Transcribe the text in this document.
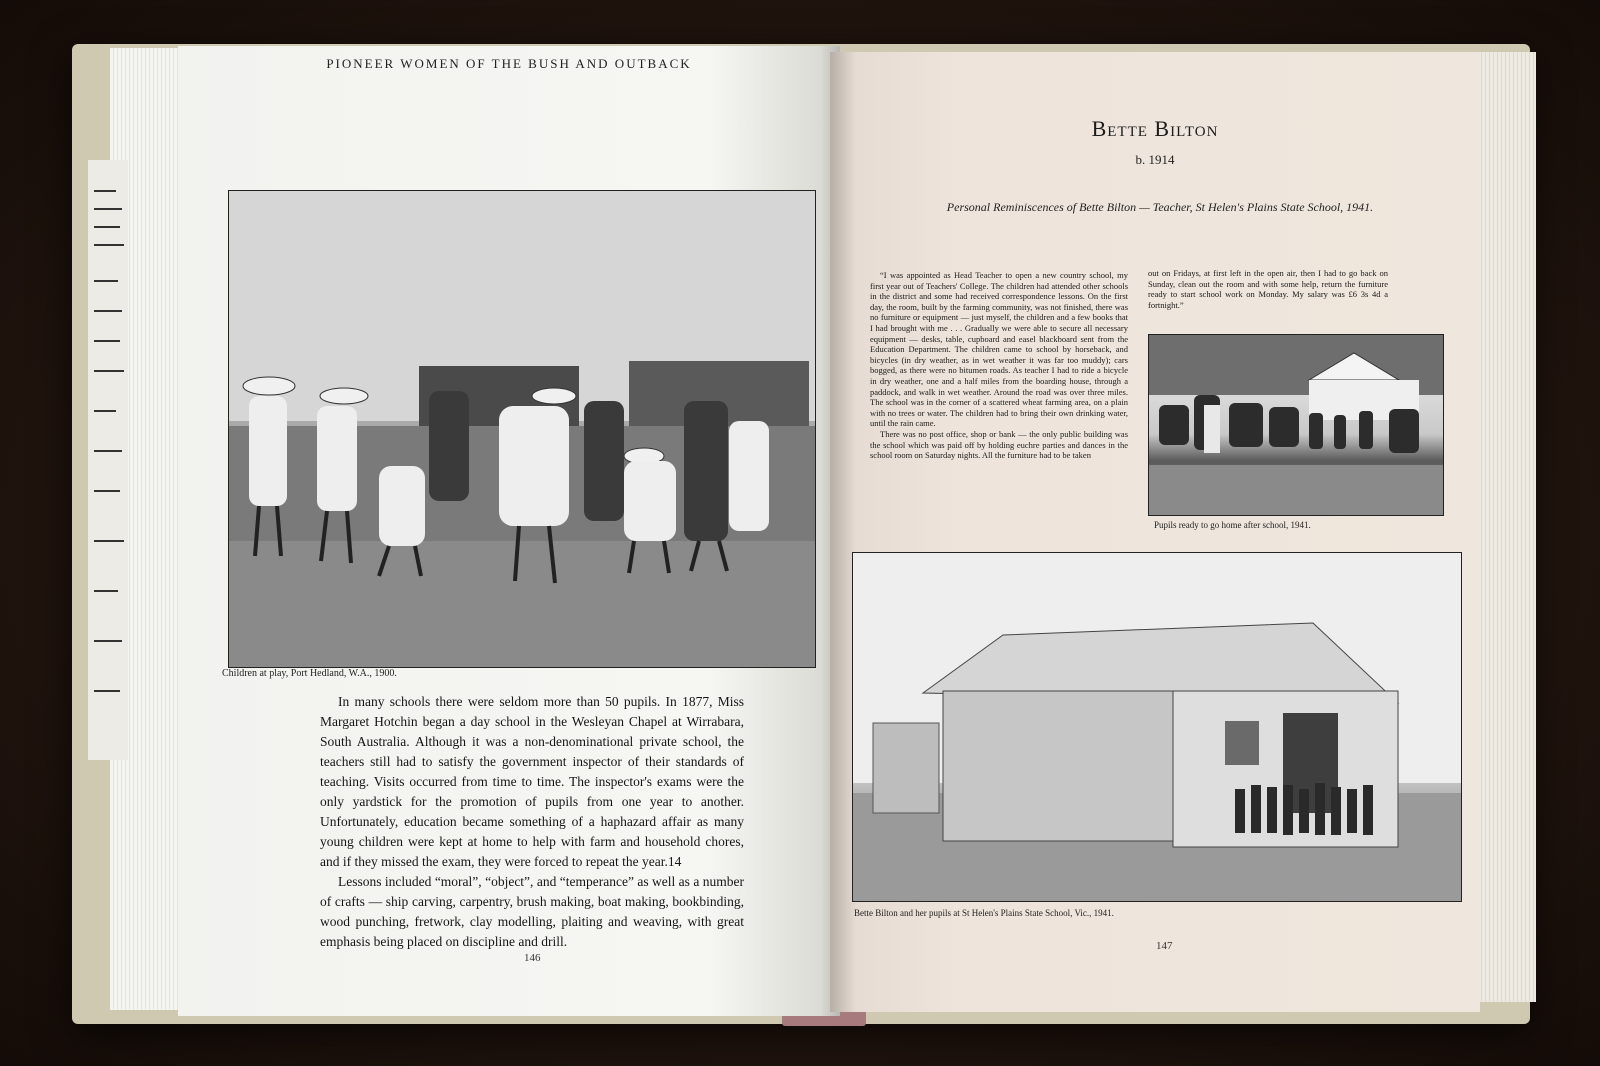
PIONEER WOMEN OF THE BUSH AND OUTBACK
Children at play, Port Hedland, W.A., 1900.

In many schools there were seldom more than 50 pupils. In 1877, Miss Margaret Hotchin began a day school in the Wesleyan Chapel at Wirrabara, South Australia. Although it was a non-denominational private school, the teachers still had to satisfy the government inspector of their standards of teaching. Visits occurred from time to time. The inspector's exams were the only yardstick for the promotion of pupils from one year to another. Unfortunately, education became something of a haphazard affair as many young children were kept at home to help with farm and household chores, and if they missed the exam, they were forced to repeat the year.14

Lessons included “moral”, “object”, and “temperance” as well as a number of crafts — ship carving, carpentry, brush making, boat making, bookbinding, wood punching, fretwork, clay modelling, plaiting and weaving, with great emphasis being placed on discipline and drill.

146
Bette Bilton
b. 1914
Personal Reminiscences of Bette Bilton — Teacher, St Helen's Plains State School, 1941.

“I was appointed as Head Teacher to open a new country school, my first year out of Teachers' College. The children had attended other schools in the district and some had received correspondence lessons. On the first day, the room, built by the farming community, was not finished, there was no furniture or equipment — just myself, the children and a few books that I had brought with me . . . Gradually we were able to secure all necessary equipment — desks, table, cupboard and easel blackboard sent from the Education Department. The children came to school by horseback, and bicycles (in dry weather, as in wet weather it was far too muddy); cars bogged, as there were no bitumen roads. As teacher I had to ride a bicycle in dry weather, one and a half miles from the boarding house, through a paddock, and walk in wet weather. Around the road was over three miles. The school was in the corner of a scattered wheat farming area, on a plain with no trees or water. The children had to bring their own drinking water, until the rain came.

There was no post office, shop or bank — the only public building was the school which was paid off by holding euchre parties and dances in the school room on Saturday nights. All the furniture had to be taken

out on Fridays, at first left in the open air, then I had to go back on Sunday, clean out the room and with some help, return the furniture ready to start school work on Monday. My salary was £6 3s 4d a fortnight.”

Pupils ready to go home after school, 1941.
Bette Bilton and her pupils at St Helen's Plains State School, Vic., 1941.
147
